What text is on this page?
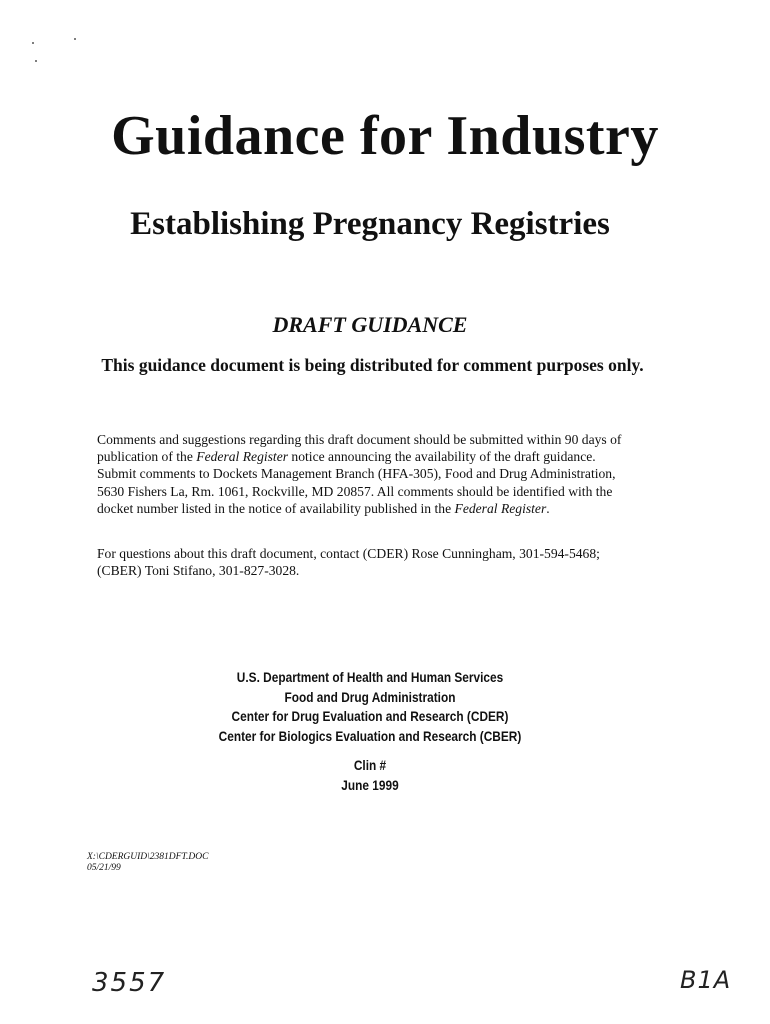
Guidance for Industry
Establishing Pregnancy Registries
DRAFT GUIDANCE
This guidance document is being distributed for comment purposes only.
Comments and suggestions regarding this draft document should be submitted within 90 days of
publication of the Federal Register notice announcing the availability of the draft guidance.
Submit comments to Dockets Management Branch (HFA-305), Food and Drug Administration,
5630 Fishers La, Rm. 1061, Rockville, MD 20857. All comments should be identified with the
docket number listed in the notice of availability published in the Federal Register.
For questions about this draft document, contact (CDER) Rose Cunningham, 301-594-5468;
(CBER) Toni Stifano, 301-827-3028.
U.S. Department of Health and Human Services
Food and Drug Administration
Center for Drug Evaluation and Research (CDER)
Center for Biologics Evaluation and Research (CBER)
Clin #
June 1999
X:\CDERGUID\2381DFT.DOC
05/21/99
3557	B1A
